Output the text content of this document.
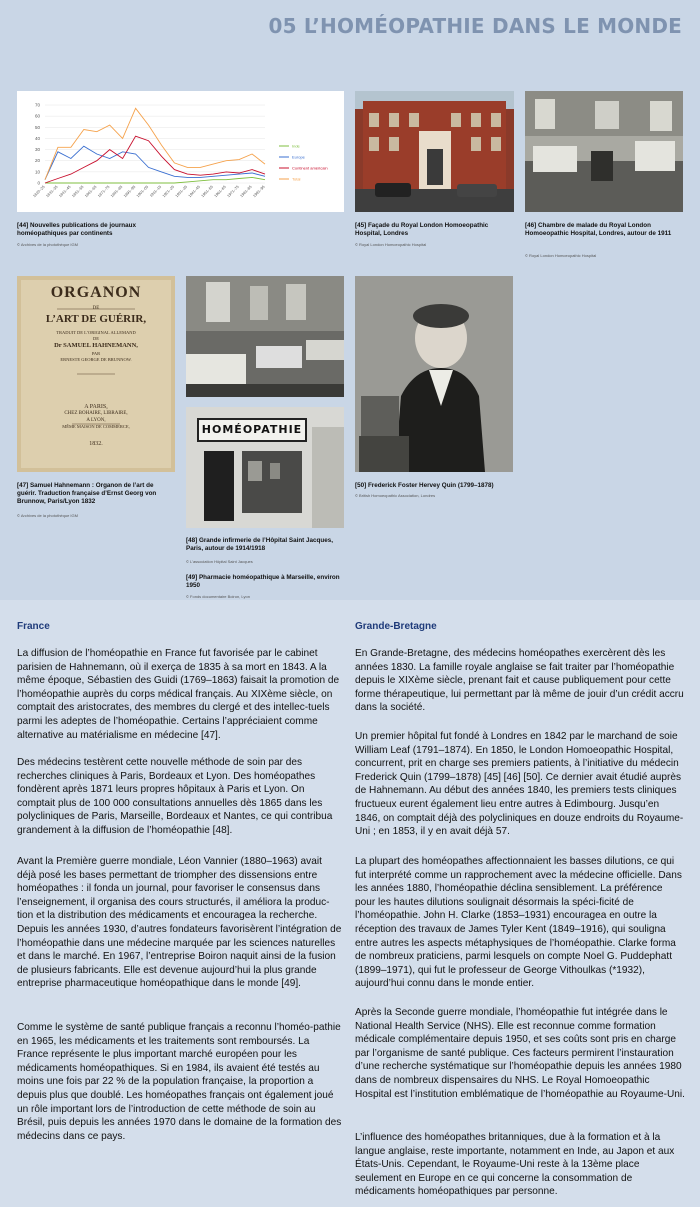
05 L’HOMÉOPATHIE DANS LE MONDE
70
60
50
40
30
20
10
0
1820–25 1831–35 1841–45 1851–55 1861–65 1871–75 1881–85 1891–95 1901–05 1911–15 1921–25 1931–35 1941–45 1951–55 1961–65 1971–75 1981–85 1991–95
Inde
Europe
Continent américain
Total
[44] Nouvelles publications de journaux homéopathiques par continents
© Archives de la photothèque IGM
[45] Façade du Royal London Homoeopathic Hospital, Londres
© Royal London Homoeopathic Hospital
[46] Chambre de malade du Royal London Homoeopathic Hospital, Londres, autour de 1911
© Royal London Homoeopathic Hospital
ORGANON
DE
L’ART DE GUÉRIR,
TRADUIT DE L’ORIGINAL ALLEMAND
DE
Dr SAMUEL HAHNEMANN,
PAR
ERNESTE GEORGE DE BRUNNOW.
A PARIS,
CHEZ BOHAIRE, LIBRAIRE,
A LYON,
MÊME MAISON DE COMMERCE,
1832.
HOMÉOPATHIE
[47] Samuel Hahnemann : Organon de l’art de guérir. Traduction française d’Ernst Georg von Brunnow, Paris/Lyon 1832
© Archives de la photothèque IGM
[50] Frederick Foster Hervey Quin (1799–1878)
© British Homoeopathic Association, Londres
[48] Grande infirmerie de l’Hôpital Saint Jacques, Paris, autour de 1914/1918
© L’association Hôpital Saint Jacques
[49] Pharmacie homéopathique à Marseille, environ 1950
© Fonds documentaire Boiron, Lyon
France
La diffusion de l’homéopathie en France fut favorisée par le cabinet parisien de Hahnemann, où il exerça de 1835 à sa mort en 1843. A la même époque, Sébastien des Guidi (1769–1863) faisait la promotion de l’homéopathie auprès du corps médical français. Au XIXème siècle, on comptait des aristocrates, des membres du clergé et des intellec-tuels parmi les adeptes de l’homéopathie. Certains l’appréciaient comme alternative au matérialisme en médecine [47].
Des médecins testèrent cette nouvelle méthode de soin par des recherches cliniques à Paris, Bordeaux et Lyon. Des homéopathes fondèrent après 1871 leurs propres hôpitaux à Paris et Lyon. On comptait plus de 100 000 consultations annuelles dès 1865 dans les polycliniques de Paris, Marseille, Bordeaux et Nantes, ce qui contribua grandement à la diffusion de l’homéopathie [48].
Avant la Première guerre mondiale, Léon Vannier (1880–1963) avait déjà posé les bases permettant de triompher des dissensions entre homéopathes : il fonda un journal, pour favoriser le consensus dans l’enseignement, il organisa des cours structurés, il améliora la produc-tion et la distribution des médicaments et encouragea la recherche. Depuis les années 1930, d’autres fondateurs favorisèrent l’intégration de l’homéopathie dans une médecine marquée par les sciences naturelles et dans le marché. En 1967, l’entreprise Boiron naquit ainsi de la fusion de plusieurs fabricants. Elle est devenue aujourd’hui la plus grande entreprise pharmaceutique homéopathique dans le monde [49].
Comme le système de santé publique français a reconnu l’homéo-pathie en 1965, les médicaments et les traitements sont remboursés. La France représente le plus important marché européen pour les médicaments homéopathiques. Si en 1984, ils avaient été testés au moins une fois par 22 % de la population française, la proportion a depuis plus que doublé. Les homéopathes français ont également joué un rôle important lors de l’introduction de cette méthode de soin au Brésil, puis depuis les années 1970 dans le domaine de la formation des médecins dans ce pays.
Grande-Bretagne
En Grande-Bretagne, des médecins homéopathes exercèrent dès les années 1830. La famille royale anglaise se fait traiter par l’homéopathie depuis le XIXème siècle, prenant fait et cause publiquement pour cette forme thérapeutique, lui permettant par là même de jouir d’un crédit accru dans la société.
Un premier hôpital fut fondé à Londres en 1842 par le marchand de soie William Leaf (1791–1874). En 1850, le London Homoeopathic Hospital, concurrent, prit en charge ses premiers patients, à l’initiative du médecin Frederick Quin (1799–1878) [45] [46] [50]. Ce dernier avait étudié auprès de Hahnemann. Au début des années 1840, les premiers tests cliniques fructueux eurent également lieu entre autres à Edimbourg. Jusqu’en 1846, on comptait déjà des polycliniques en douze endroits du Royaume-Uni ; en 1853, il y en avait déjà 57.
La plupart des homéopathes affectionnaient les basses dilutions, ce qui fut interprété comme un rapprochement avec la médecine officielle. Dans les années 1880, l’homéopathie déclina sensiblement. La préférence pour les hautes dilutions soulignait désormais la spéci-ficité de l’homéopathie. John H. Clarke (1853–1931) encouragea en outre la réception des travaux de James Tyler Kent (1849–1916), qui souligna entre autres les aspects métaphysiques de l’homéopathie. Clarke forma de nombreux praticiens, parmi lesquels on compte Noel G. Puddephatt (1899–1971), qui fut le professeur de George Vithoulkas (*1932), aujourd’hui connu dans le monde entier.
Après la Seconde guerre mondiale, l’homéopathie fut intégrée dans le National Health Service (NHS). Elle est reconnue comme formation médicale complémentaire depuis 1950, et ses coûts sont pris en charge par l’organisme de santé publique. Ces facteurs permirent l’instauration d’une recherche systématique sur l’homéopathie depuis les années 1980 dans de nombreux dispensaires du NHS. Le Royal Homoeopathic Hospital est l’institution emblématique de l’homéopathie au Royaume-Uni.
L’influence des homéopathes britanniques, due à la formation et à la langue anglaise, reste importante, notamment en Inde, au Japon et aux États-Unis. Cependant, le Royaume-Uni reste à la 13ème place seulement en Europe en ce qui concerne la consommation de médicaments homéopathiques par personne.
